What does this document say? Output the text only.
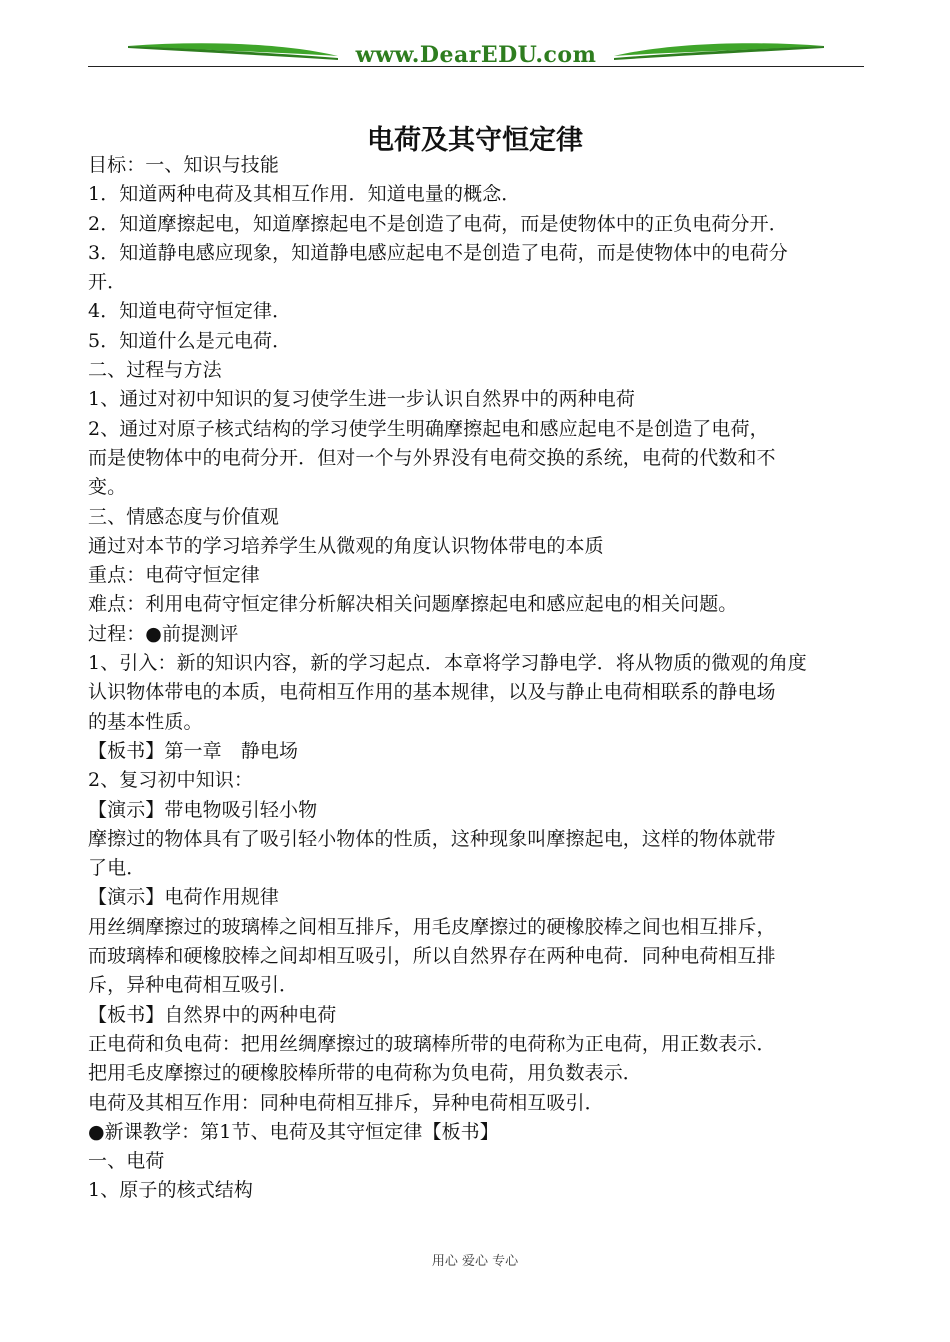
www.DearEDU.com
电荷及其守恒定律
目标：一、知识与技能
1．知道两种电荷及其相互作用．知道电量的概念．
2．知道摩擦起电，知道摩擦起电不是创造了电荷，而是使物体中的正负电荷分开．
3．知道静电感应现象，知道静电感应起电不是创造了电荷，而是使物体中的电荷分
开．
4．知道电荷守恒定律．
5．知道什么是元电荷．
二、过程与方法
1、通过对初中知识的复习使学生进一步认识自然界中的两种电荷
2、通过对原子核式结构的学习使学生明确摩擦起电和感应起电不是创造了电荷，
而是使物体中的电荷分开．但对一个与外界没有电荷交换的系统，电荷的代数和不
变。
三、情感态度与价值观
通过对本节的学习培养学生从微观的角度认识物体带电的本质
重点：电荷守恒定律
难点：利用电荷守恒定律分析解决相关问题摩擦起电和感应起电的相关问题。
过程：●前提测评
1、引入：新的知识内容，新的学习起点．本章将学习静电学．将从物质的微观的角度
认识物体带电的本质，电荷相互作用的基本规律，以及与静止电荷相联系的静电场
的基本性质。
【板书】第一章　静电场
2、复习初中知识：
【演示】带电物吸引轻小物
摩擦过的物体具有了吸引轻小物体的性质，这种现象叫摩擦起电，这样的物体就带
了电．
【演示】电荷作用规律
用丝绸摩擦过的玻璃棒之间相互排斥，用毛皮摩擦过的硬橡胶棒之间也相互排斥，
而玻璃棒和硬橡胶棒之间却相互吸引，所以自然界存在两种电荷．同种电荷相互排
斥，异种电荷相互吸引．
【板书】自然界中的两种电荷
正电荷和负电荷：把用丝绸摩擦过的玻璃棒所带的电荷称为正电荷，用正数表示．
把用毛皮摩擦过的硬橡胶棒所带的电荷称为负电荷，用负数表示．
电荷及其相互作用：同种电荷相互排斥，异种电荷相互吸引．
●新课教学：第1节、电荷及其守恒定律【板书】
一、电荷
1、原子的核式结构
用心 爱心 专心
